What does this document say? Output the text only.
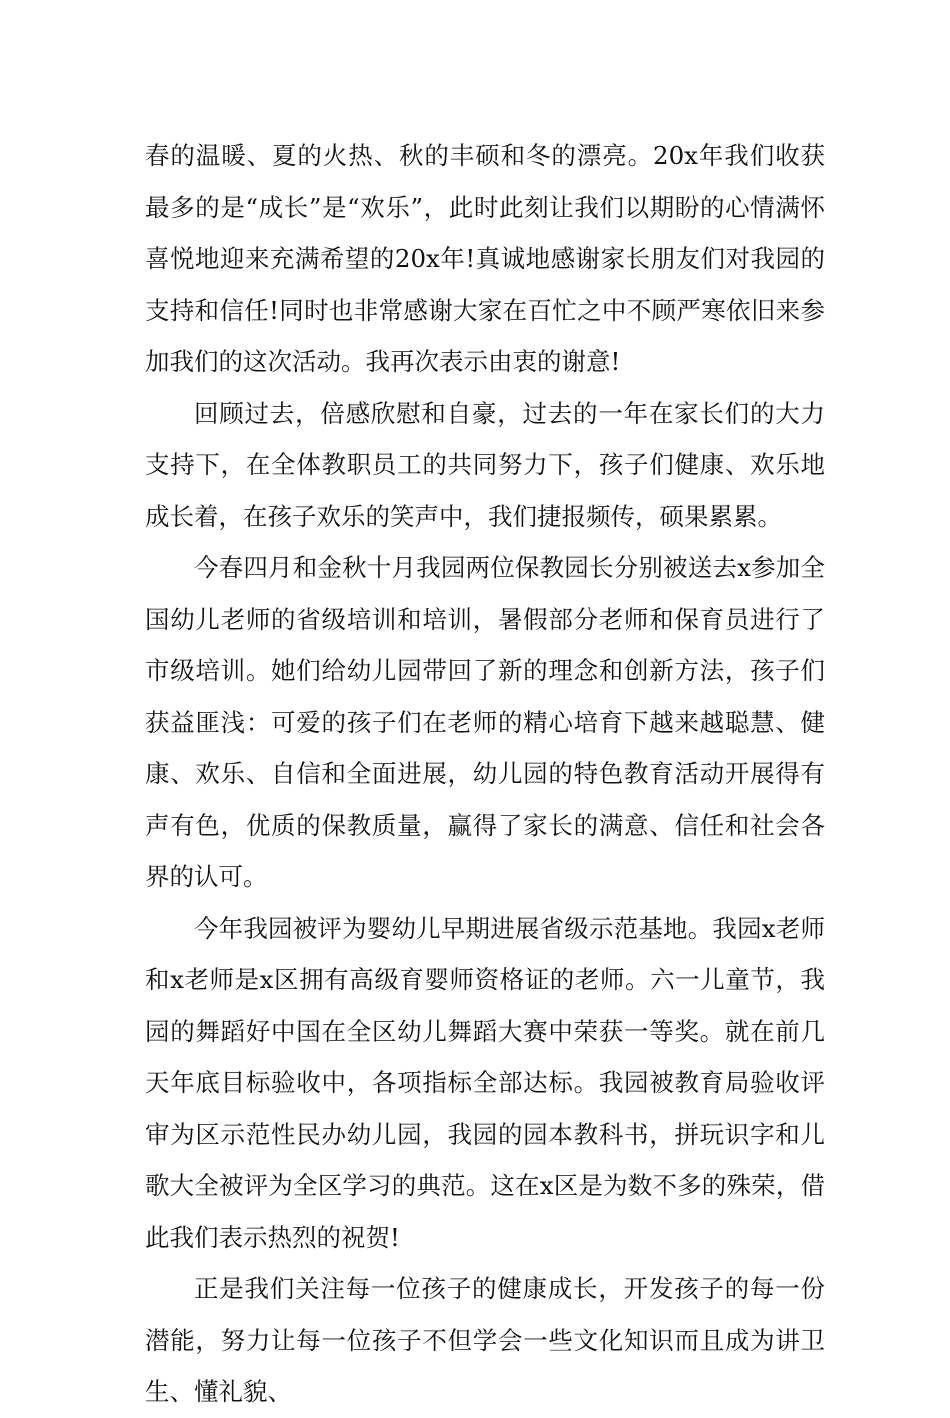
春的温暖、夏的火热、秋的丰硕和冬的漂亮。20x年我们收获最多的是“成长”是“欢乐”，此时此刻让我们以期盼的心情满怀喜悦地迎来充满希望的20x年!真诚地感谢家长朋友们对我园的支持和信任!同时也非常感谢大家在百忙之中不顾严寒依旧来参加我们的这次活动。我再次表示由衷的谢意!

回顾过去，倍感欣慰和自豪，过去的一年在家长们的大力支持下，在全体教职员工的共同努力下，孩子们健康、欢乐地成长着，在孩子欢乐的笑声中，我们捷报频传，硕果累累。

今春四月和金秋十月我园两位保教园长分别被送去x参加全国幼儿老师的省级培训和培训，暑假部分老师和保育员进行了市级培训。她们给幼儿园带回了新的理念和创新方法，孩子们获益匪浅：可爱的孩子们在老师的精心培育下越来越聪慧、健康、欢乐、自信和全面进展，幼儿园的特色教育活动开展得有声有色，优质的保教质量，赢得了家长的满意、信任和社会各界的认可。

今年我园被评为婴幼儿早期进展省级示范基地。我园x老师和x老师是x区拥有高级育婴师资格证的老师。六一儿童节，我园的舞蹈好中国在全区幼儿舞蹈大赛中荣获一等奖。就在前几天年底目标验收中，各项指标全部达标。我园被教育局验收评审为区示范性民办幼儿园，我园的园本教科书，拼玩识字和儿歌大全被评为全区学习的典范。这在x区是为数不多的殊荣，借此我们表示热烈的祝贺!

正是我们关注每一位孩子的健康成长，开发孩子的每一份潜能，努力让每一位孩子不但学会一些文化知识而且成为讲卫生、懂礼貌、
